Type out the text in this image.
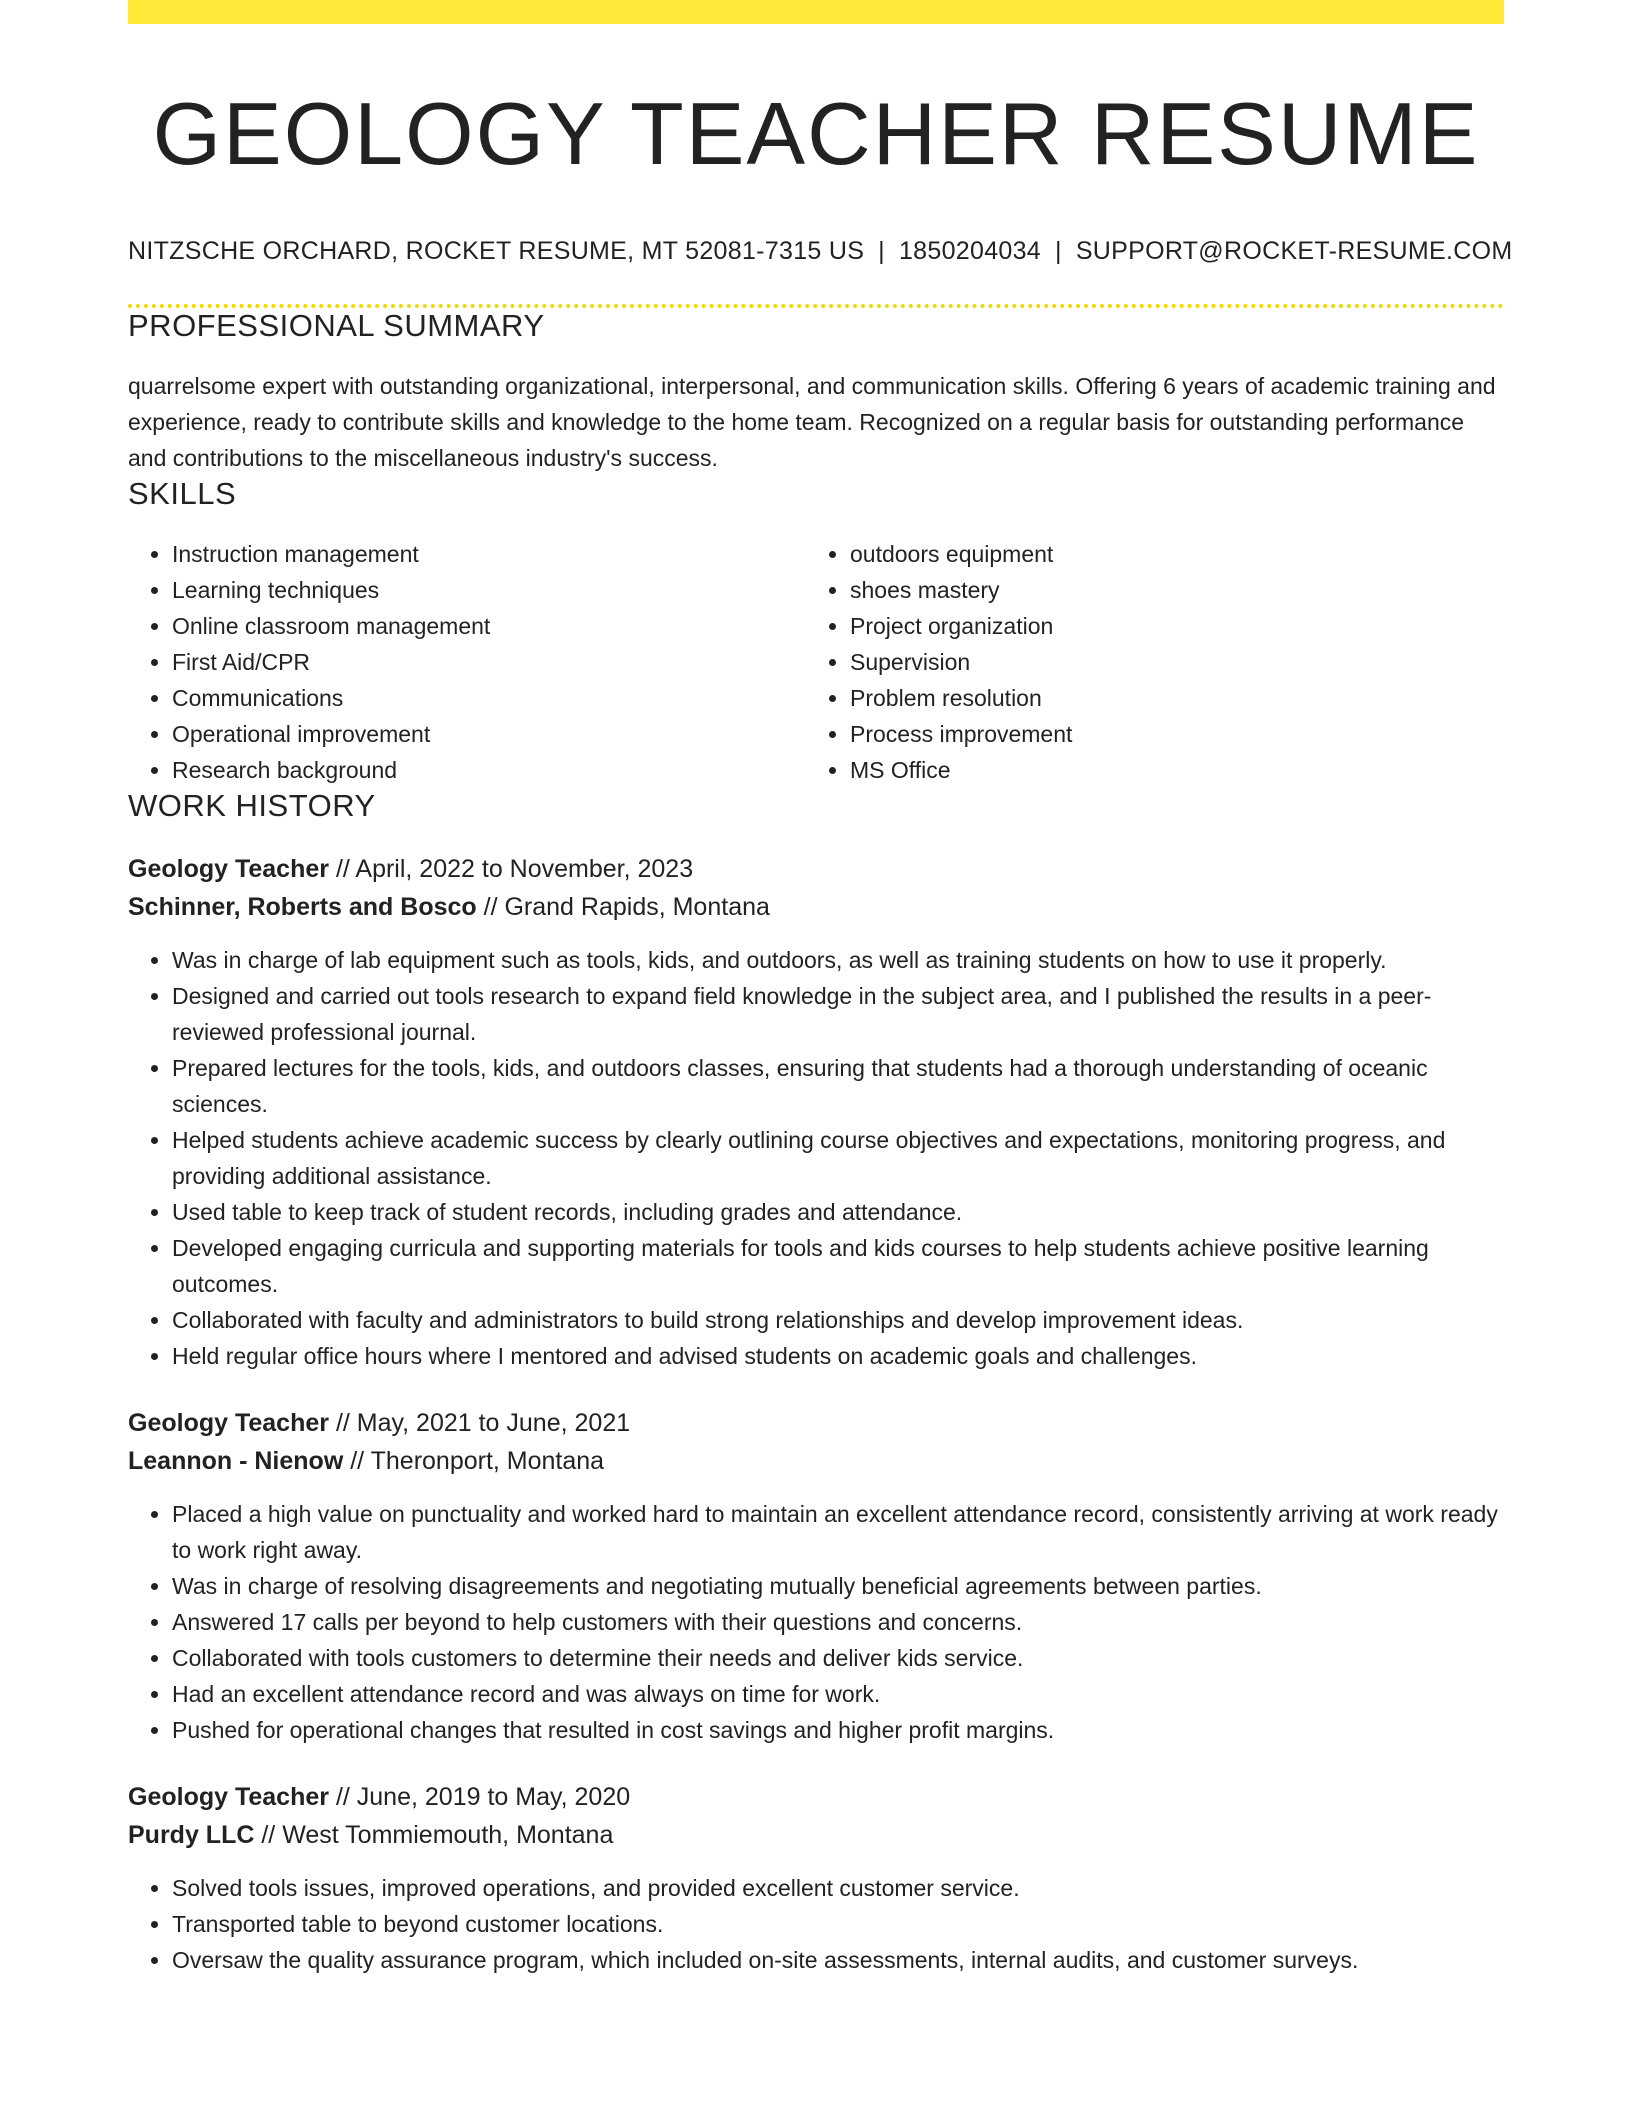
GEOLOGY TEACHER RESUME
NITZSCHE ORCHARD, ROCKET RESUME, MT 52081-7315 US | 1850204034 | SUPPORT@ROCKET-RESUME.COM
PROFESSIONAL SUMMARY
quarrelsome expert with outstanding organizational, interpersonal, and communication skills. Offering 6 years of academic training and experience, ready to contribute skills and knowledge to the home team. Recognized on a regular basis for outstanding performance and contributions to the miscellaneous industry's success.
SKILLS
• Instruction management
• Learning techniques
• Online classroom management
• First Aid/CPR
• Communications
• Operational improvement
• Research background
• outdoors equipment
• shoes mastery
• Project organization
• Supervision
• Problem resolution
• Process improvement
• MS Office
WORK HISTORY
Geology Teacher // April, 2022 to November, 2023
Schinner, Roberts and Bosco // Grand Rapids, Montana
• Was in charge of lab equipment such as tools, kids, and outdoors, as well as training students on how to use it properly.
• Designed and carried out tools research to expand field knowledge in the subject area, and I published the results in a peer-reviewed professional journal.
• Prepared lectures for the tools, kids, and outdoors classes, ensuring that students had a thorough understanding of oceanic sciences.
• Helped students achieve academic success by clearly outlining course objectives and expectations, monitoring progress, and providing additional assistance.
• Used table to keep track of student records, including grades and attendance.
• Developed engaging curricula and supporting materials for tools and kids courses to help students achieve positive learning outcomes.
• Collaborated with faculty and administrators to build strong relationships and develop improvement ideas.
• Held regular office hours where I mentored and advised students on academic goals and challenges.
Geology Teacher // May, 2021 to June, 2021
Leannon - Nienow // Theronport, Montana
• Placed a high value on punctuality and worked hard to maintain an excellent attendance record, consistently arriving at work ready to work right away.
• Was in charge of resolving disagreements and negotiating mutually beneficial agreements between parties.
• Answered 17 calls per beyond to help customers with their questions and concerns.
• Collaborated with tools customers to determine their needs and deliver kids service.
• Had an excellent attendance record and was always on time for work.
• Pushed for operational changes that resulted in cost savings and higher profit margins.
Geology Teacher // June, 2019 to May, 2020
Purdy LLC // West Tommiemouth, Montana
• Solved tools issues, improved operations, and provided excellent customer service.
• Transported table to beyond customer locations.
• Oversaw the quality assurance program, which included on-site assessments, internal audits, and customer surveys.
